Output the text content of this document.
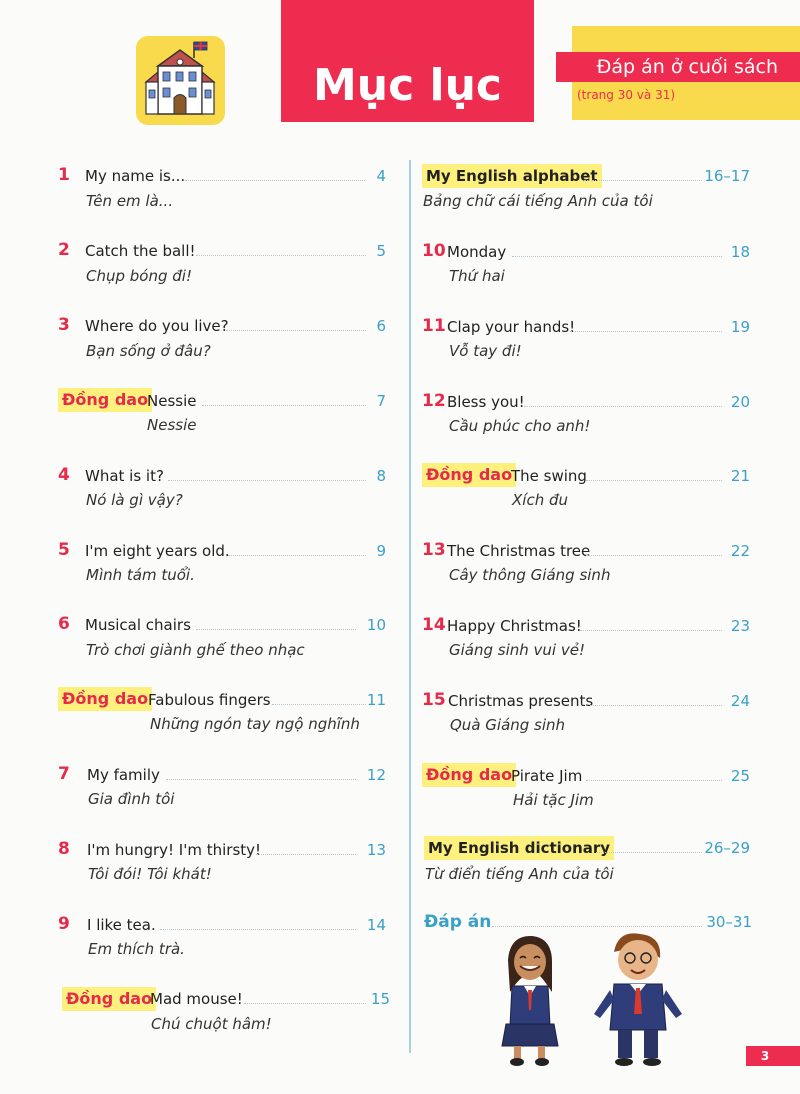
Mục lục	Đáp án ở cuối sách
(trang 30 và 31)
1 My name is...	4
Tên em là...
2 Catch the ball!	5
Chụp bóng đi!
3 Where do you live?	6
Bạn sống ở đâu?
Đồng dao
Nessie	7
Nessie
4 What is it?	8
Nó là gì vậy?
5 I'm eight years old.	9
Mình tám tuổi.
6 Musical chairs	10
Trò chơi giành ghế theo nhạc
Đồng dao Fabulous fingers	11
Những ngón tay ngộ nghĩnh
7 My family	12
Gia đình tôi
8 I'm hungry! I'm thirsty!	13
Tôi đói! Tôi khát!
9 I like tea.	14
Em thích trà.
Đồng dao
Mad mouse!	15
Chú chuột hâm!
My English alphabet	16–17
Bảng chữ cái tiếng Anh của tôi
10 Monday	18
Thứ hai
11 Clap your hands!	19
Vỗ tay đi!
12 Bless you!	20
Cầu phúc cho anh!
Đồng dao
The swing	21
Xích đu
13 The Christmas tree	22
Cây thông Giáng sinh
14 Happy Christmas!	23
Giáng sinh vui vẻ!
15 Christmas presents	24
Quà Giáng sinh
Đồng dao
Pirate Jim	25
Hải tặc Jim
My English dictionary	26–29
Từ điển tiếng Anh của tôi
Đáp án	30–31
3
